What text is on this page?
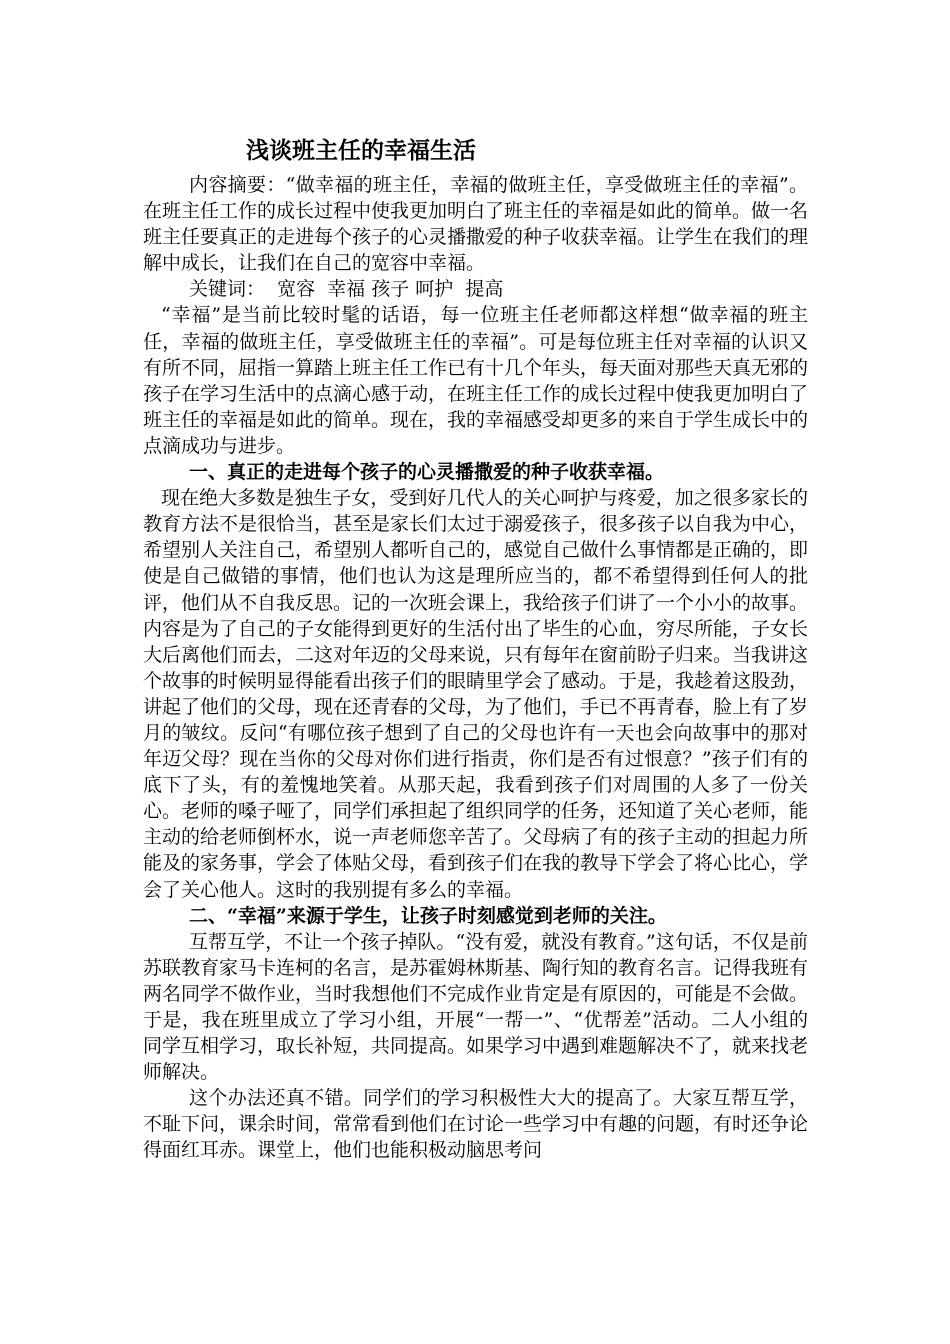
浅谈班主任的幸福生活

内容摘要：“做幸福的班主任，幸福的做班主任，享受做班主任的幸福”。在班主任工作的成长过程中使我更加明白了班主任的幸福是如此的简单。做一名班主任要真正的走进每个孩子的心灵播撒爱的种子收获幸福。让学生在我们的理解中成长，让我们在自己的宽容中幸福。

关键词：  宽容  幸福 孩子 呵护  提高

“幸福”是当前比较时髦的话语，每一位班主任老师都这样想“做幸福的班主任，幸福的做班主任，享受做班主任的幸福”。可是每位班主任对幸福的认识又有所不同，屈指一算踏上班主任工作已有十几个年头，每天面对那些天真无邪的孩子在学习生活中的点滴心感于动，在班主任工作的成长过程中使我更加明白了班主任的幸福是如此的简单。现在，我的幸福感受却更多的来自于学生成长中的点滴成功与进步。

一、真正的走进每个孩子的心灵播撒爱的种子收获幸福。

现在绝大多数是独生子女，受到好几代人的关心呵护与疼爱，加之很多家长的教育方法不是很恰当，甚至是家长们太过于溺爱孩子，很多孩子以自我为中心，希望别人关注自己，希望别人都听自己的，感觉自己做什么事情都是正确的，即使是自己做错的事情，他们也认为这是理所应当的，都不希望得到任何人的批评，他们从不自我反思。记的一次班会课上，我给孩子们讲了一个小小的故事。内容是为了自己的子女能得到更好的生活付出了毕生的心血，穷尽所能，子女长大后离他们而去，二这对年迈的父母来说，只有每年在窗前盼子归来。当我讲这个故事的时候明显得能看出孩子们的眼睛里学会了感动。于是，我趁着这股劲，讲起了他们的父母，现在还青春的父母，为了他们，手已不再青春，脸上有了岁月的皱纹。反问“有哪位孩子想到了自己的父母也许有一天也会向故事中的那对年迈父母？现在当你的父母对你们进行指责，你们是否有过恨意？”孩子们有的底下了头，有的羞愧地笑着。从那天起，我看到孩子们对周围的人多了一份关心。老师的嗓子哑了，同学们承担起了组织同学的任务，还知道了关心老师，能主动的给老师倒杯水，说一声老师您辛苦了。父母病了有的孩子主动的担起力所能及的家务事，学会了体贴父母，看到孩子们在我的教导下学会了将心比心，学会了关心他人。这时的我别提有多么的幸福。

二、“幸福”来源于学生，让孩子时刻感觉到老师的关注。

互帮互学，不让一个孩子掉队。“没有爱，就没有教育。”这句话，不仅是前苏联教育家马卡连柯的名言，是苏霍姆林斯基、陶行知的教育名言。记得我班有两名同学不做作业，当时我想他们不完成作业肯定是有原因的，可能是不会做。于是，我在班里成立了学习小组，开展“一帮一”、“优帮差”活动。二人小组的同学互相学习，取长补短，共同提高。如果学习中遇到难题解决不了，就来找老师解决。

这个办法还真不错。同学们的学习积极性大大的提高了。大家互帮互学，不耻下问，课余时间，常常看到他们在讨论一些学习中有趣的问题，有时还争论得面红耳赤。课堂上，他们也能积极动脑思考问
